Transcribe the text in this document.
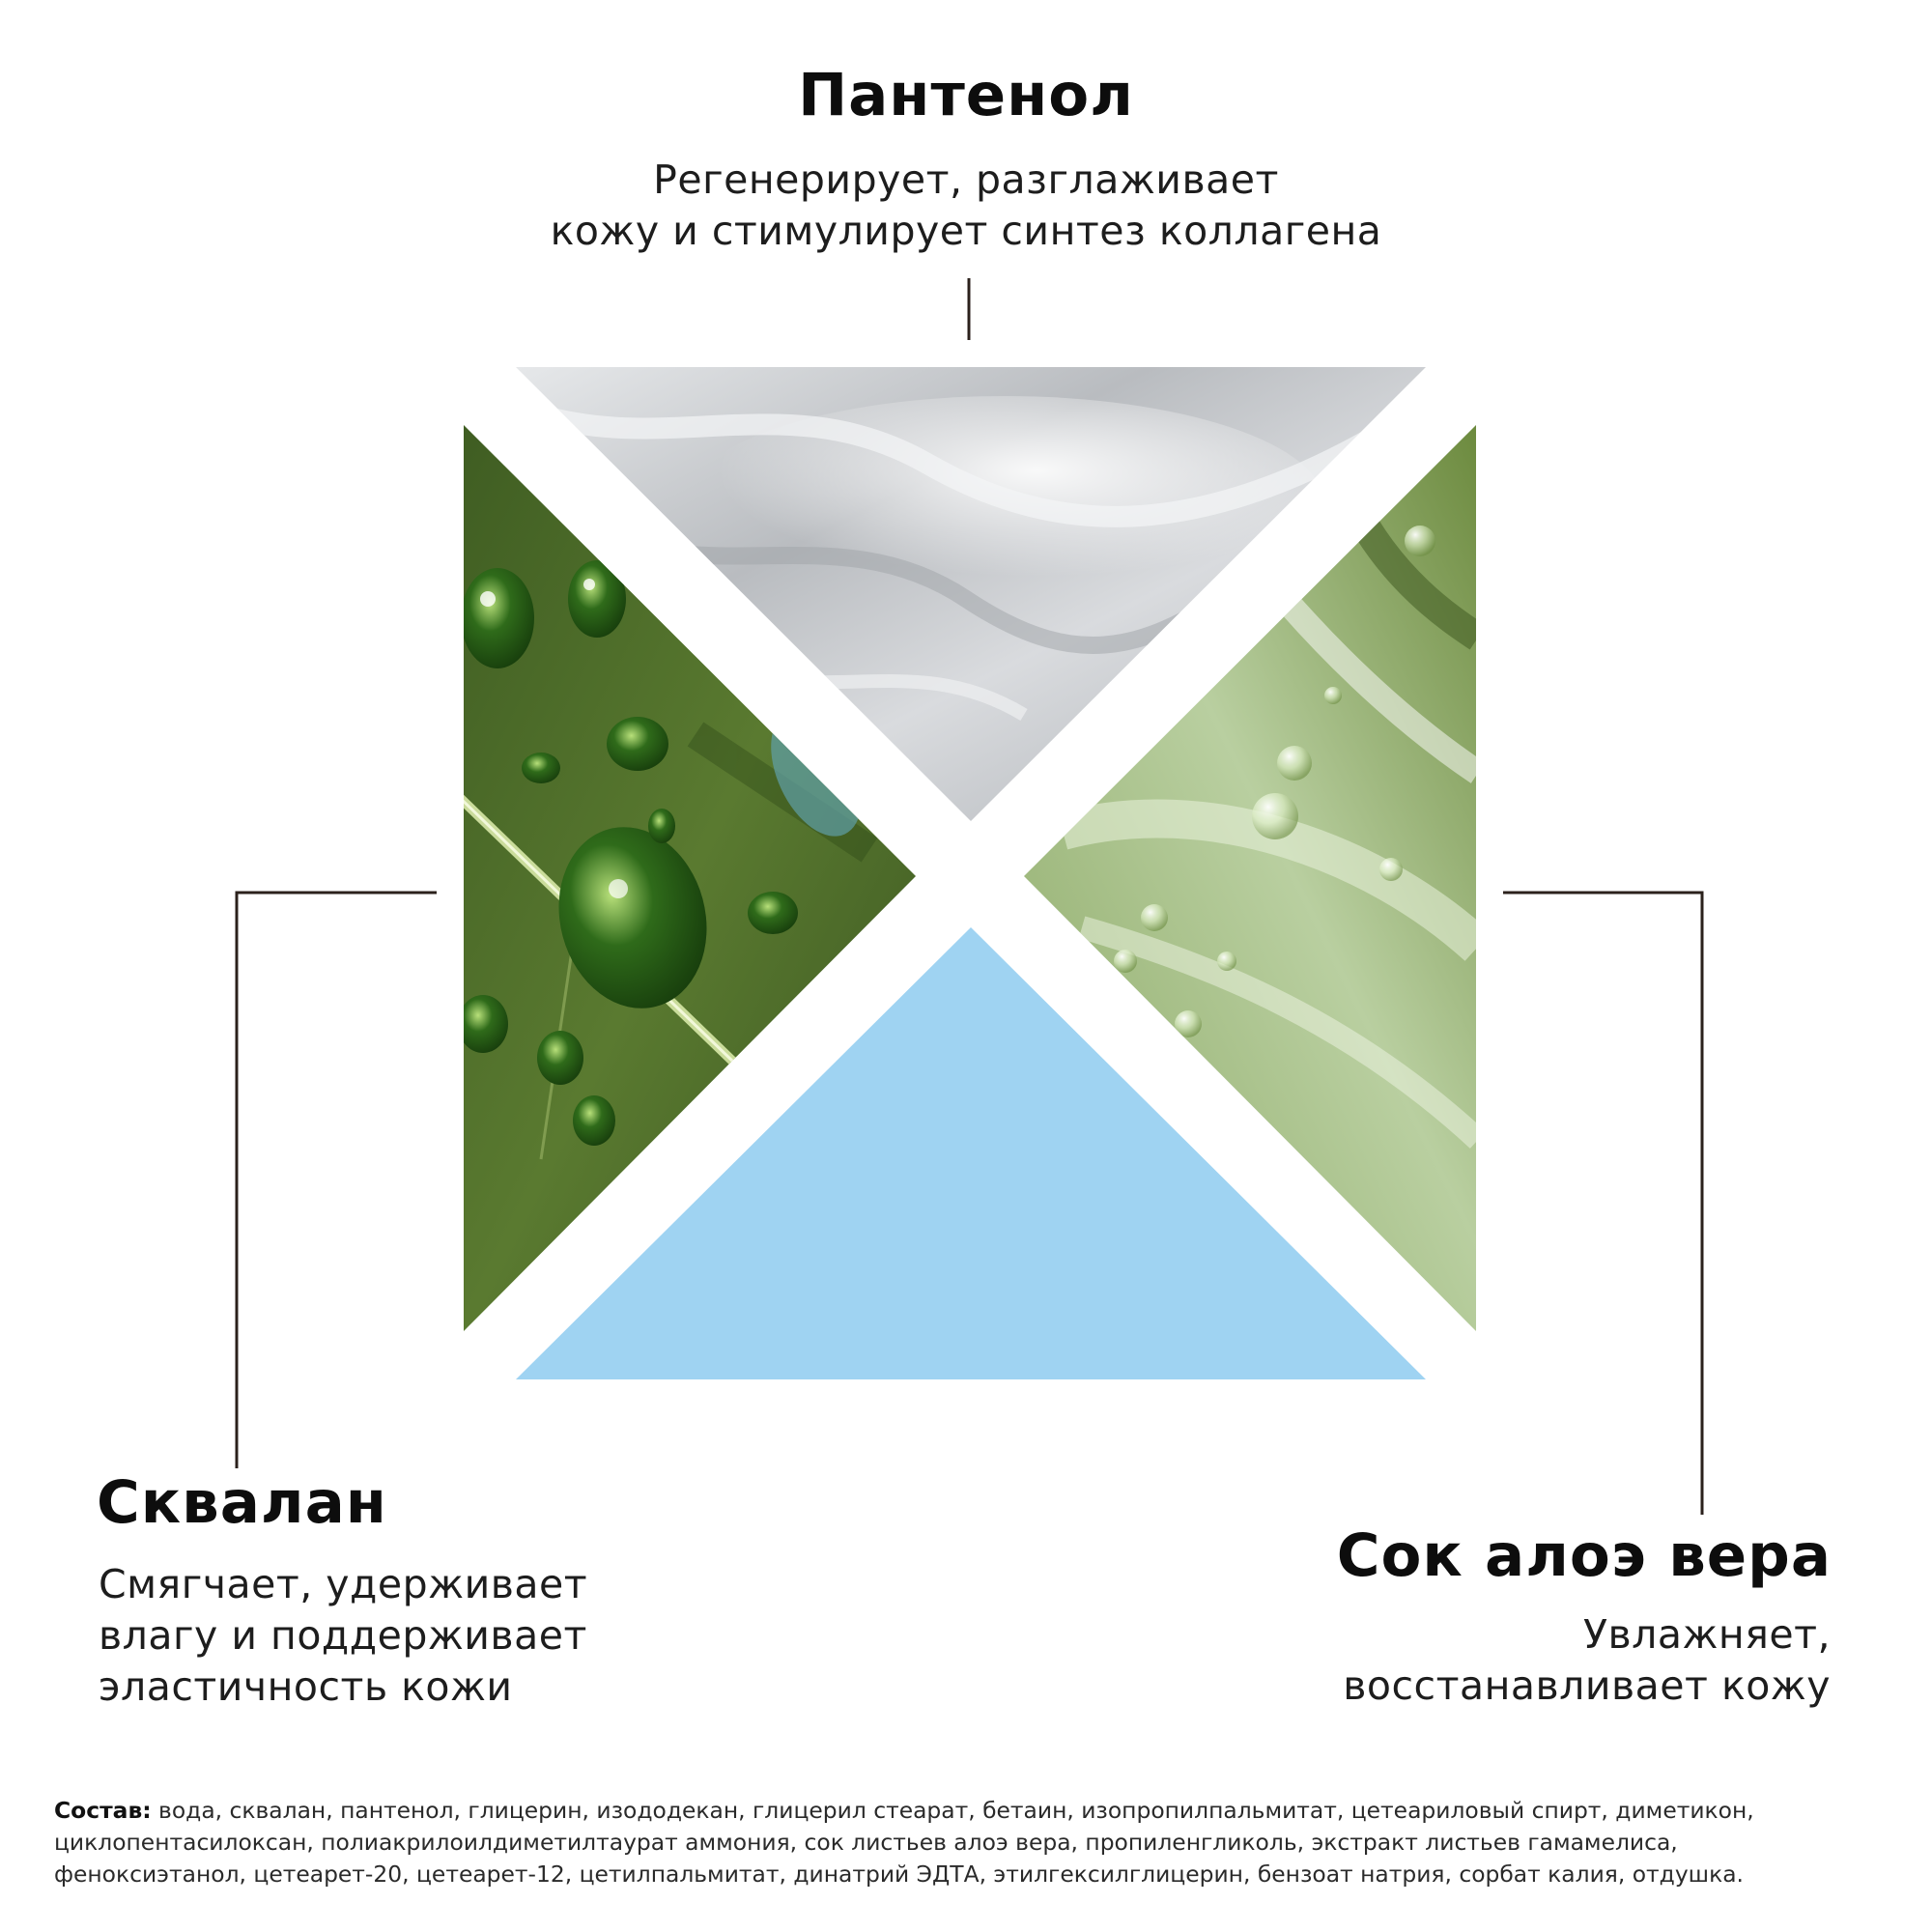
Пантенол
Регенерирует, разглаживает
кожу и стимулирует синтез коллагена
Сквалан
Смягчает, удерживает
влагу и поддерживает
эластичность кожи
Сок алоэ вера
Увлажняет,
восстанавливает кожу
Состав: вода, сквалан, пантенол, глицерин, изододекан, глицерил стеарат, бетаин, изопропилпальмитат, цетеариловый спирт, диметикон,
циклопентасилоксан, полиакрилоилдиметилтаурат аммония, сок листьев алоэ вера, пропиленгликоль, экстракт листьев гамамелиса,
феноксиэтанол, цетеарет-20, цетеарет-12, цетилпальмитат, динатрий ЭДТА, этилгексилглицерин, бензоат натрия, сорбат калия, отдушка.
